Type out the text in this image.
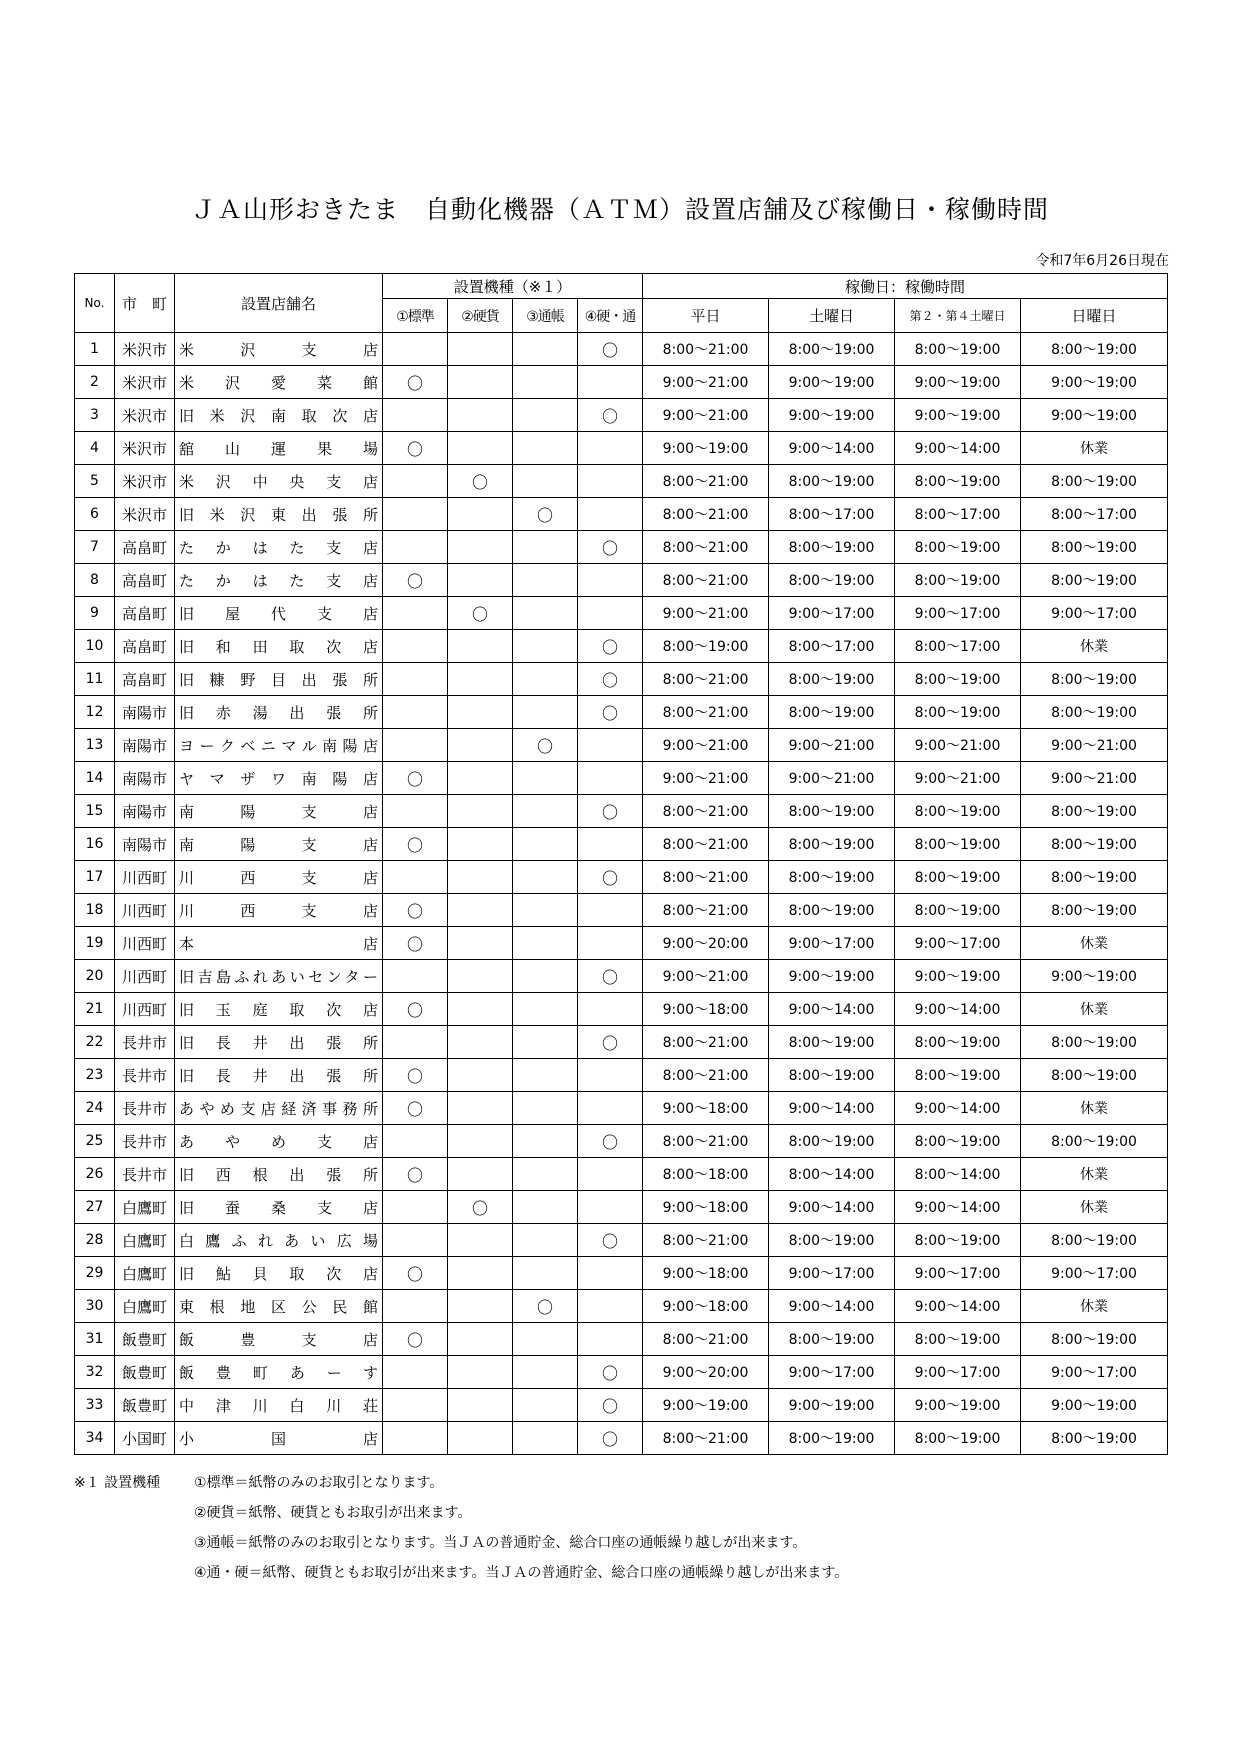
ＪＡ山形おきたま　自動化機器（ＡＴＭ）設置店舗及び稼働日・稼働時間
令和7年6月26日現在
No.	市　町	設置店舗名	設置機種（※１）				稼働日：稼働時間			
			①標準	②硬貨	③通帳	④硬・通	平日	土曜日	第２・第４土曜日	日曜日
1	米沢市	米沢支店				〇	8:00～21:00	8:00～19:00	8:00～19:00	8:00～19:00
2	米沢市	米沢愛菜館	〇				9:00～21:00	9:00～19:00	9:00～19:00	9:00～19:00
3	米沢市	旧米沢南取次店				〇	9:00～21:00	9:00～19:00	9:00～19:00	9:00～19:00
4	米沢市	舘山運果場	〇				9:00～19:00	9:00～14:00	9:00～14:00	休業
5	米沢市	米沢中央支店		〇			8:00～21:00	8:00～19:00	8:00～19:00	8:00～19:00
6	米沢市	旧米沢東出張所			〇		8:00～21:00	8:00～17:00	8:00～17:00	8:00～17:00
7	高畠町	たかはた支店				〇	8:00～21:00	8:00～19:00	8:00～19:00	8:00～19:00
8	高畠町	たかはた支店	〇				8:00～21:00	8:00～19:00	8:00～19:00	8:00～19:00
9	高畠町	旧屋代支店		〇			9:00～21:00	9:00～17:00	9:00～17:00	9:00～17:00
10	高畠町	旧和田取次店				〇	8:00～19:00	8:00～17:00	8:00～17:00	休業
11	高畠町	旧糠野目出張所				〇	8:00～21:00	8:00～19:00	8:00～19:00	8:00～19:00
12	南陽市	旧赤湯出張所				〇	8:00～21:00	8:00～19:00	8:00～19:00	8:00～19:00
13	南陽市	ヨークベニマル南陽店			〇		9:00～21:00	9:00～21:00	9:00～21:00	9:00～21:00
14	南陽市	ヤマザワ南陽店	〇				9:00～21:00	9:00～21:00	9:00～21:00	9:00～21:00
15	南陽市	南陽支店				〇	8:00～21:00	8:00～19:00	8:00～19:00	8:00～19:00
16	南陽市	南陽支店	〇				8:00～21:00	8:00～19:00	8:00～19:00	8:00～19:00
17	川西町	川西支店				〇	8:00～21:00	8:00～19:00	8:00～19:00	8:00～19:00
18	川西町	川西支店	〇				8:00～21:00	8:00～19:00	8:00～19:00	8:00～19:00
19	川西町	本店	〇				9:00～20:00	9:00～17:00	9:00～17:00	休業
20	川西町	旧吉島ふれあいセンター				〇	9:00～21:00	9:00～19:00	9:00～19:00	9:00～19:00
21	川西町	旧玉庭取次店	〇				9:00～18:00	9:00～14:00	9:00～14:00	休業
22	長井市	旧長井出張所				〇	8:00～21:00	8:00～19:00	8:00～19:00	8:00～19:00
23	長井市	旧長井出張所	〇				8:00～21:00	8:00～19:00	8:00～19:00	8:00～19:00
24	長井市	あやめ支店経済事務所	〇				9:00～18:00	9:00～14:00	9:00～14:00	休業
25	長井市	あやめ支店				〇	8:00～21:00	8:00～19:00	8:00～19:00	8:00～19:00
26	長井市	旧西根出張所	〇				8:00～18:00	8:00～14:00	8:00～14:00	休業
27	白鷹町	旧蚕桑支店		〇			9:00～18:00	9:00～14:00	9:00～14:00	休業
28	白鷹町	白鷹ふれあい広場				〇	8:00～21:00	8:00～19:00	8:00～19:00	8:00～19:00
29	白鷹町	旧鮎貝取次店	〇				9:00～18:00	9:00～17:00	9:00～17:00	9:00～17:00
30	白鷹町	東根地区公民館			〇		9:00～18:00	9:00～14:00	9:00～14:00	休業
31	飯豊町	飯豊支店	〇				8:00～21:00	8:00～19:00	8:00～19:00	8:00～19:00
32	飯豊町	飯豊町あーす				〇	9:00～20:00	9:00～17:00	9:00～17:00	9:00～17:00
33	飯豊町	中津川白川荘				〇	9:00～19:00	9:00～19:00	9:00～19:00	9:00～19:00
34	小国町	小国店				〇	8:00～21:00	8:00～19:00	8:00～19:00	8:00～19:00
※１ 設置機種 ①標準＝紙幣のみのお取引となります。
②硬貨＝紙幣、硬貨ともお取引が出来ます。
③通帳＝紙幣のみのお取引となります。当ＪＡの普通貯金、総合口座の通帳繰り越しが出来ます。
④通・硬＝紙幣、硬貨ともお取引が出来ます。当ＪＡの普通貯金、総合口座の通帳繰り越しが出来ます。
